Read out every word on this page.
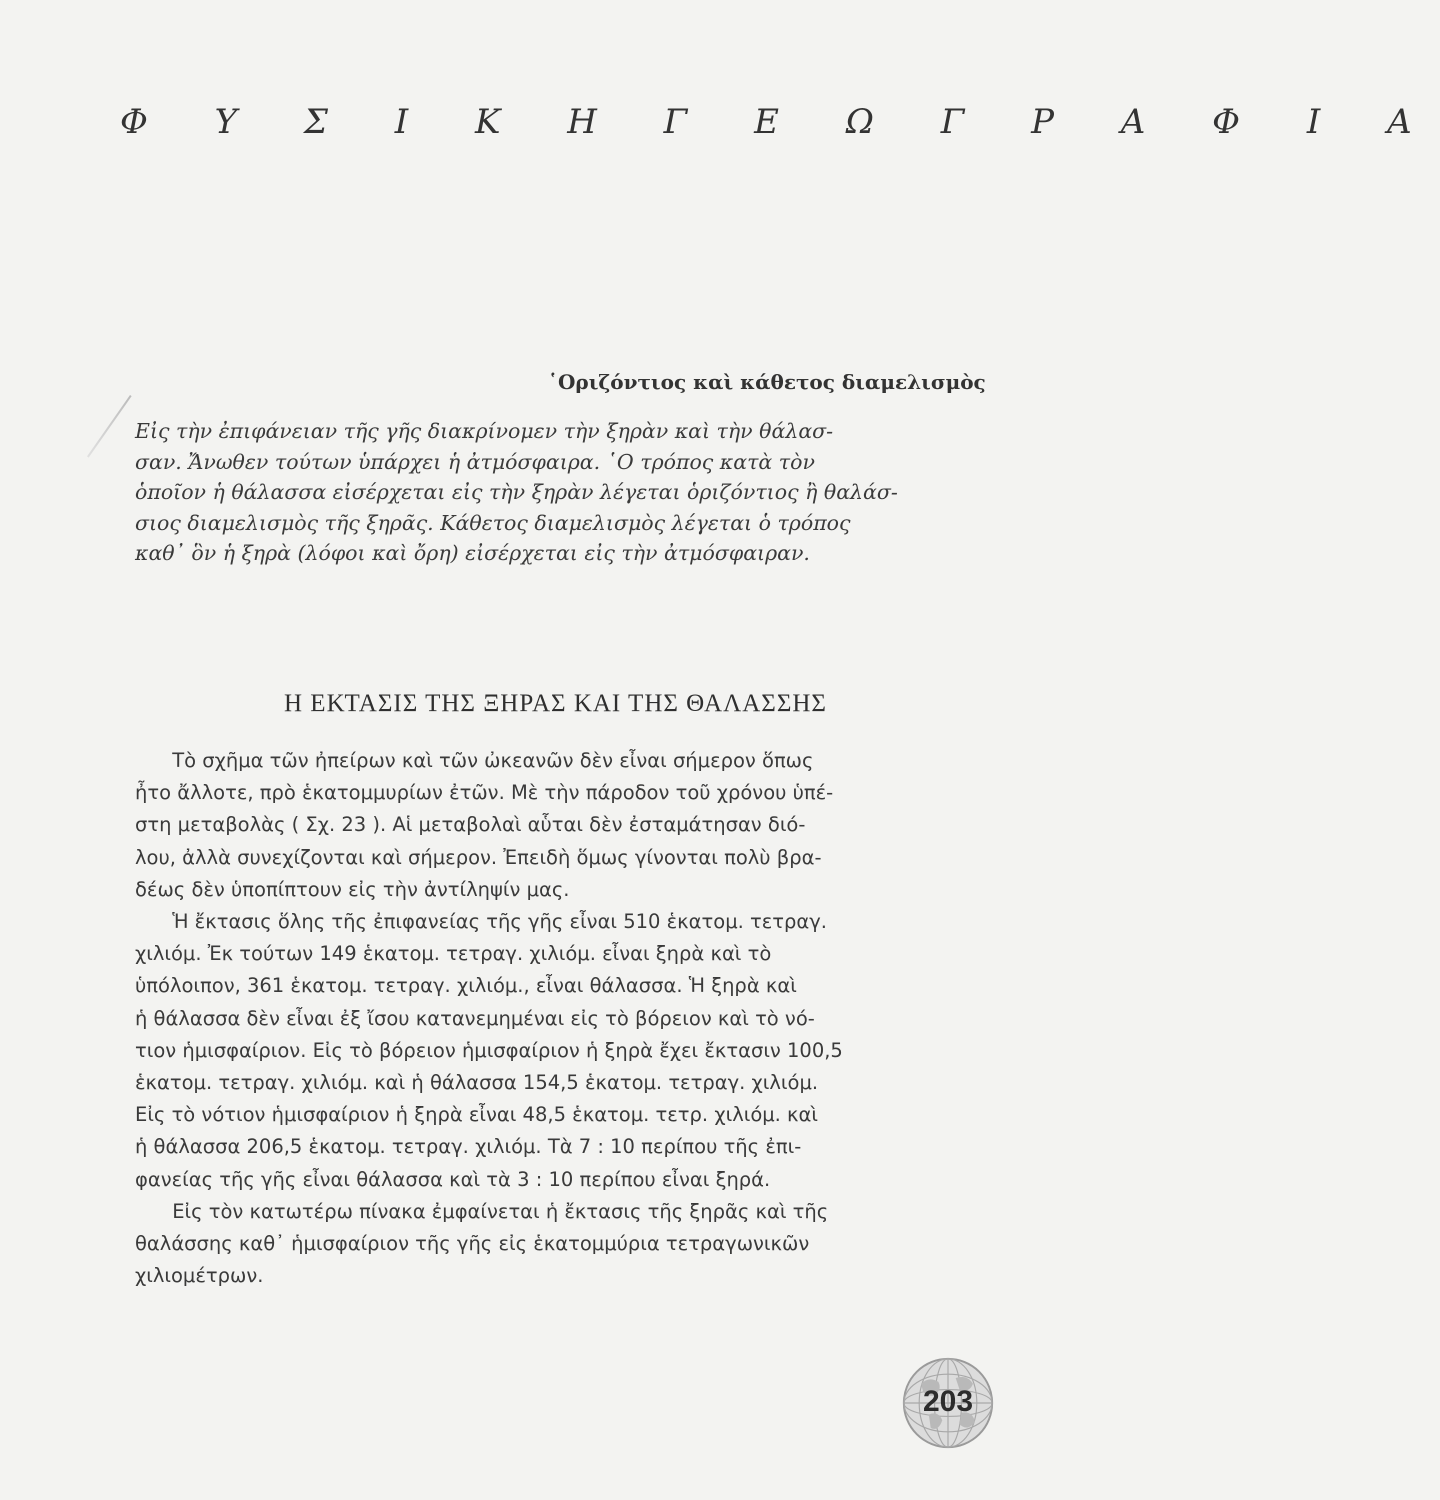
Φ Υ Σ Ι Κ Η Γ Ε Ω Γ Ρ Α Φ Ι Α
῾Οριζόντιος καὶ κάθετος διαμελισμὸς
Εἰς τὴν ἐπιφάνειαν τῆς γῆς διακρίνομεν τὴν ξηρὰν καὶ τὴν θάλασ-
σαν. Ἄνωθεν τούτων ὑπάρχει ἡ ἀτμόσφαιρα. ῾Ο τρόπος κατὰ τὸν
ὁποῖον ἡ θάλασσα εἰσέρχεται εἰς τὴν ξηρὰν λέγεται ὁριζόντιος ἢ θαλάσ-
σιος διαμελισμὸς τῆς ξηρᾶς. Κάθετος διαμελισμὸς λέγεται ὁ τρόπος
καθ᾽ ὃν ἡ ξηρὰ (λόφοι καὶ ὄρη) εἰσέρχεται εἰς τὴν ἀτμόσφαιραν.
Η ΕΚΤΑΣΙΣ ΤΗΣ ΞΗΡΑΣ ΚΑΙ ΤΗΣ ΘΑΛΑΣΣΗΣ
Τὸ σχῆμα τῶν ἠπείρων καὶ τῶν ὠκεανῶν δὲν εἶναι σήμερον ὅπως
ἦτο ἄλλοτε, πρὸ ἑκατομμυρίων ἐτῶν. Μὲ τὴν πάροδον τοῦ χρόνου ὑπέ-
στη μεταβολὰς ( Σχ. 23 ). Αἱ μεταβολαὶ αὗται δὲν ἐσταμάτησαν διό-
λου, ἀλλὰ συνεχίζονται καὶ σήμερον. Ἐπειδὴ ὅμως γίνονται πολὺ βρα-
δέως δὲν ὑποπίπτουν εἰς τὴν ἀντίληψίν μας.
Ἡ ἔκτασις ὅλης τῆς ἐπιφανείας τῆς γῆς εἶναι 510 ἑκατομ. τετραγ.
χιλιόμ. Ἐκ τούτων 149 ἑκατομ. τετραγ. χιλιόμ. εἶναι ξηρὰ καὶ τὸ
ὑπόλοιπον, 361 ἑκατομ. τετραγ. χιλιόμ., εἶναι θάλασσα. Ἡ ξηρὰ καὶ
ἡ θάλασσα δὲν εἶναι ἐξ ἴσου κατανεμημέναι εἰς τὸ βόρειον καὶ τὸ νό-
τιον ἡμισφαίριον. Εἰς τὸ βόρειον ἡμισφαίριον ἡ ξηρὰ ἔχει ἔκτασιν 100,5
ἑκατομ. τετραγ. χιλιόμ. καὶ ἡ θάλασσα 154,5 ἑκατομ. τετραγ. χιλιόμ.
Εἰς τὸ νότιον ἡμισφαίριον ἡ ξηρὰ εἶναι 48,5 ἑκατομ. τετρ. χιλιόμ. καὶ
ἡ θάλασσα 206,5 ἑκατομ. τετραγ. χιλιόμ. Τὰ 7 : 10 περίπου τῆς ἐπι-
φανείας τῆς γῆς εἶναι θάλασσα καὶ τὰ 3 : 10 περίπου εἶναι ξηρά.
Εἰς τὸν κατωτέρω πίνακα ἐμφαίνεται ἡ ἔκτασις τῆς ξηρᾶς καὶ τῆς
θαλάσσης καθ᾽ ἡμισφαίριον τῆς γῆς εἰς ἑκατομμύρια τετραγωνικῶν
χιλιομέτρων.
203
